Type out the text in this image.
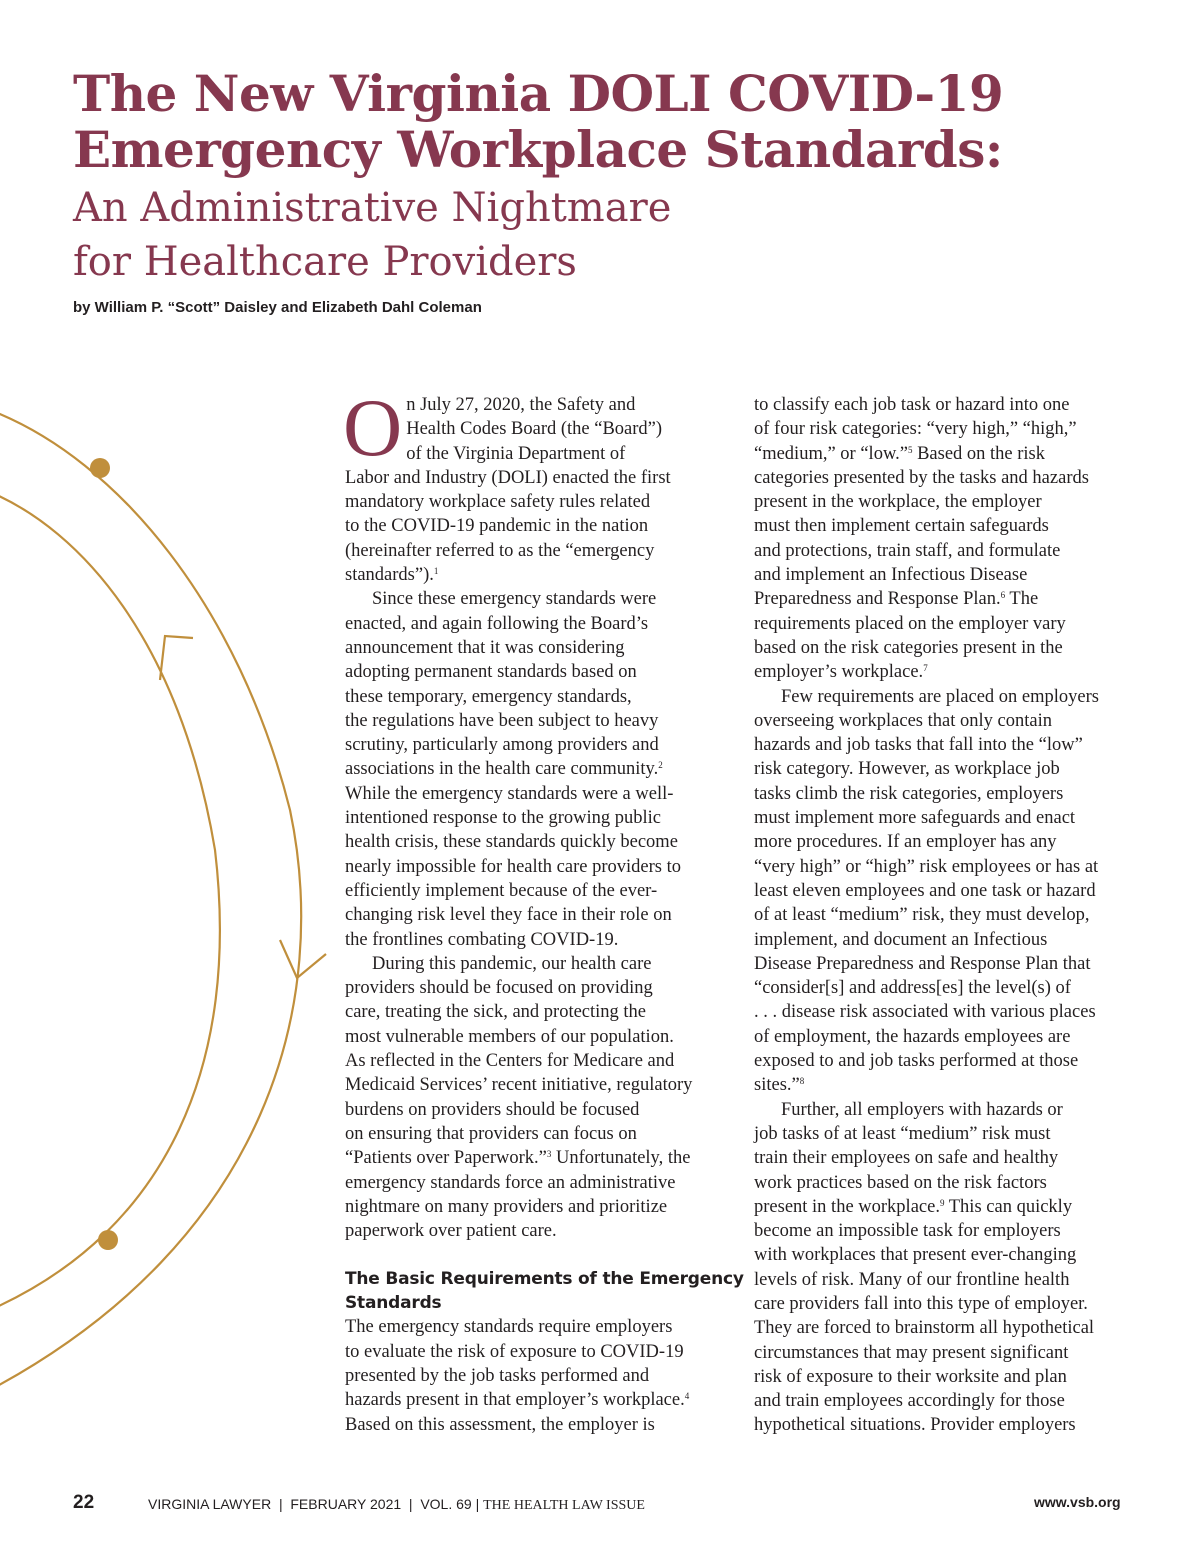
The New Virginia DOLI COVID-19
Emergency Workplace Standards:
An Administrative Nightmare
for Healthcare Providers

by William P. “Scott” Daisley and Elizabeth Dahl Coleman

O n July 27, 2020, the Safety and
Health Codes Board (the “Board”)
of the Virginia Department of
Labor and Industry (DOLI) enacted the first
mandatory workplace safety rules related
to the COVID-19 pandemic in the nation
(hereinafter referred to as the “emergency
standards”).$^1$

Since these emergency standards were

enacted, and again following the Board’s
announcement that it was considering
adopting permanent standards based on
these temporary, emergency standards,
the regulations have been subject to heavy
scrutiny, particularly among providers and
associations in the health care community.$^2$
While the emergency standards were a well-
intentioned response to the growing public
health crisis, these standards quickly become
nearly impossible for health care providers to
efficiently implement because of the ever-
changing risk level they face in their role on
the frontlines combating COVID-19.

During this pandemic, our health care

providers should be focused on providing
care, treating the sick, and protecting the
most vulnerable members of our population.
As reflected in the Centers for Medicare and
Medicaid Services’ recent initiative, regulatory
burdens on providers should be focused
on ensuring that providers can focus on
“Patients over Paperwork.”$^3$ Unfortunately, the
emergency standards force an administrative
nightmare on many providers and prioritize
paperwork over patient care.

The Basic Requirements of the Emergency
Standards

The emergency standards require employers
to evaluate the risk of exposure to COVID-19
presented by the job tasks performed and
hazards present in that employer’s workplace.$^4$
Based on this assessment, the employer is

to classify each job task or hazard into one
of four risk categories: “very high,” “high,”
“medium,” or “low.”$^5$ Based on the risk
categories presented by the tasks and hazards
present in the workplace, the employer
must then implement certain safeguards
and protections, train staff, and formulate
and implement an Infectious Disease
Preparedness and Response Plan.$^6$ The
requirements placed on the employer vary
based on the risk categories present in the
employer’s workplace.$^7$

Few requirements are placed on employers

overseeing workplaces that only contain
hazards and job tasks that fall into the “low”
risk category. However, as workplace job
tasks climb the risk categories, employers
must implement more safeguards and enact
more procedures. If an employer has any
“very high” or “high” risk employees or has at
least eleven employees and one task or hazard
of at least “medium” risk, they must develop,
implement, and document an Infectious
Disease Preparedness and Response Plan that
“consider[s] and address[es] the level(s) of
. . . disease risk associated with various places
of employment, the hazards employees are
exposed to and job tasks performed at those
sites.”$^8$

Further, all employers with hazards or

job tasks of at least “medium” risk must
train their employees on safe and healthy
work practices based on the risk factors
present in the workplace.$^9$ This can quickly
become an impossible task for employers
with workplaces that present ever-changing
levels of risk. Many of our frontline health
care providers fall into this type of employer.
They are forced to brainstorm all hypothetical
circumstances that may present significant
risk of exposure to their worksite and plan
and train employees accordingly for those
hypothetical situations. Provider employers

22	VIRGINIA LAWYER  |  FEBRUARY 2021  |  VOL. 69 | THE HEALTH LAW ISSUE	www.vsb.org
